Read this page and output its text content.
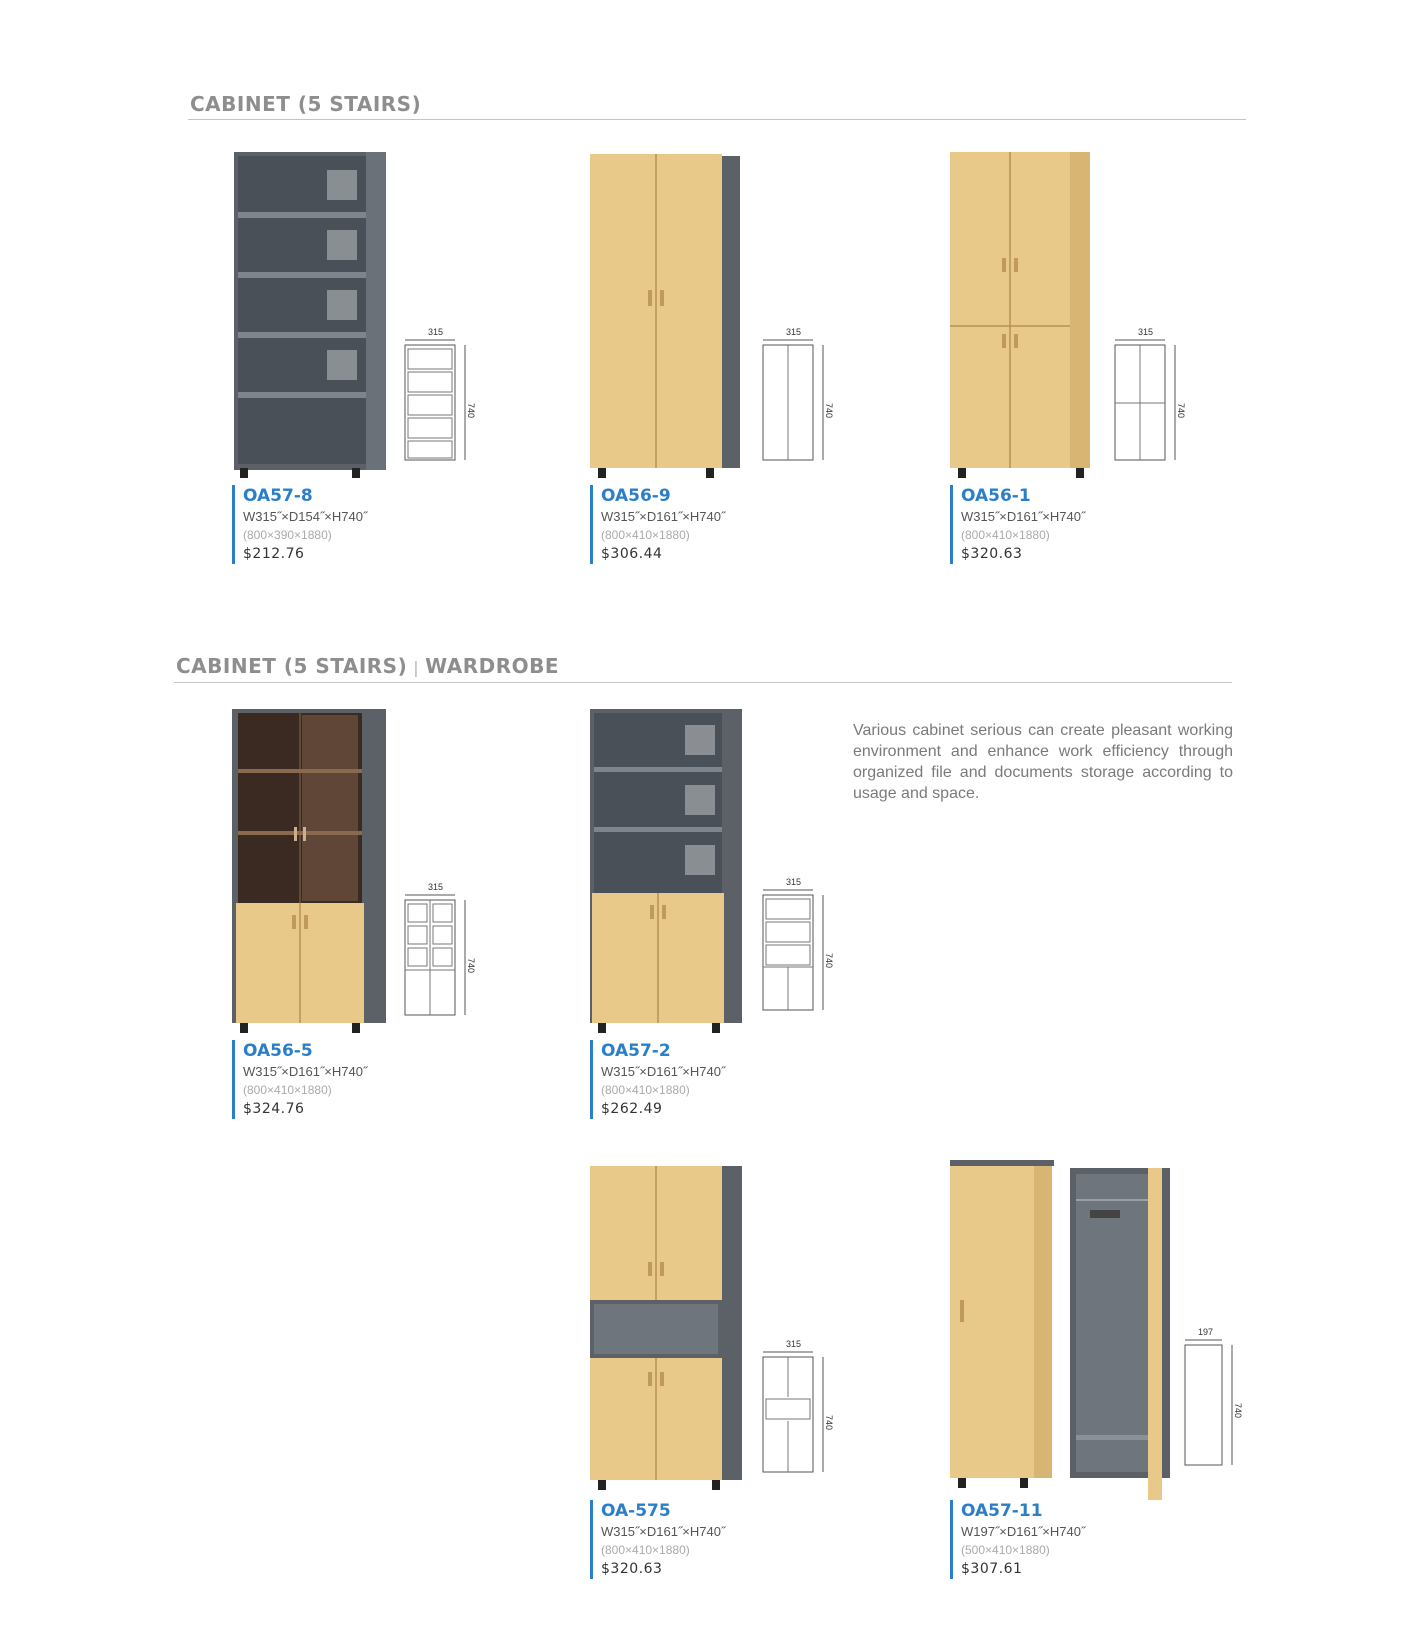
CABINET (5 STAIRS)
CABINET (5 STAIRS) | WARDROBE
315
740
OA57-8
W315˝×D154˝×H740˝
(800×390×1880)
$212.76
315
740
OA56-9
W315˝×D161˝×H740˝
(800×410×1880)
$306.44
315
740
OA56-1
W315˝×D161˝×H740˝
(800×410×1880)
$320.63
315
740
OA56-5
W315˝×D161˝×H740˝
(800×410×1880)
$324.76
315
740
OA57-2
W315˝×D161˝×H740˝
(800×410×1880)
$262.49
Various cabinet serious can create pleasant working environment and enhance work efficiency through organized file and documents storage according to usage and space.
315
740
OA-575
W315˝×D161˝×H740˝
(800×410×1880)
$320.63
197
740
OA57-11
W197˝×D161˝×H740˝
(500×410×1880)
$307.61
